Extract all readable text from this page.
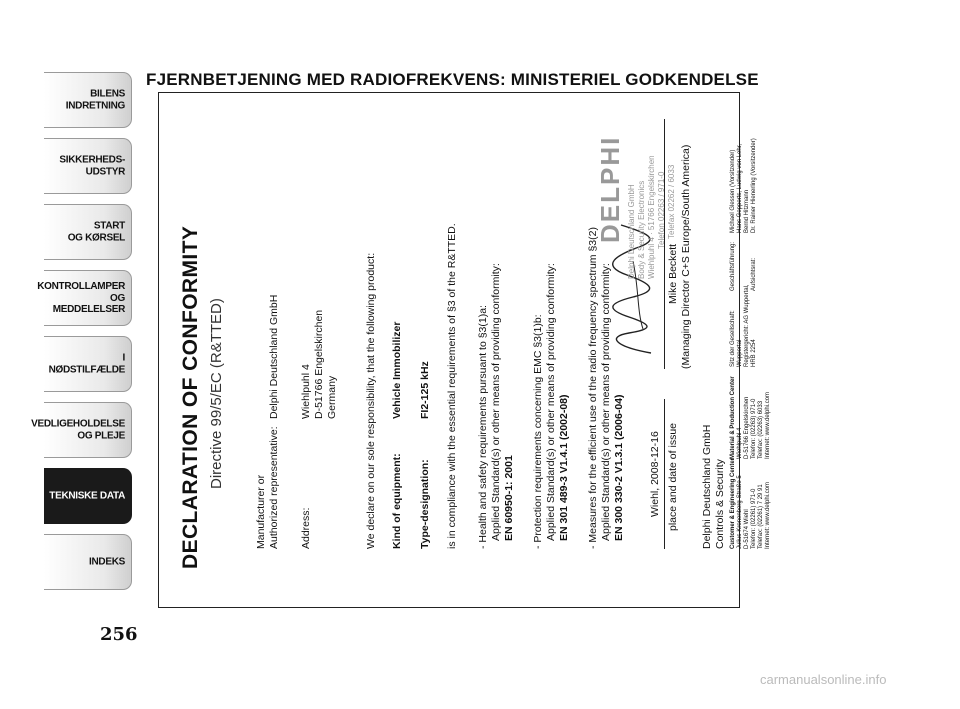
FJERNBETJENING MED RADIOFREKVENS: MINISTERIEL GODKENDELSE
BILENS
INDRETNING
SIKKERHEDS-
UDSTYR
START
OG KØRSEL
KONTROLLAMPER
OG MEDDELELSER
I NØDSTILFÆLDE
VEDLIGEHOLDELSE
OG PLEJE
TEKNISKE DATA
INDEKS
256
DECLARATION OF CONFORMITY Directive 99/5/EC (R&TTED)
Manufacturer or Authorized representative:
Delphi Deutschland GmbH
Address:
Wiehlpuhl 4 D-51766 Engelskirchen Germany	We declare on our sole responsibility, that the following product: Kind of equipment:
Vehicle Immobilizer
Type-designation:
FI2-125 kHz is in compliance with the essential requirements of §3 of the R&TTED. - Health and safety requirements pursuant to §3(1)a: Applied Standard(s) or other means of providing conformity: EN 60950-1: 2001 - Protection requirements concerning EMC §3(1)b: Applied Standard(s) or other means of providing conformity: EN 301 489-3 V1.4.1 (2002-08) - Measures for the efficient use of the radio frequency spectrum §3(2) Applied Standard(s) or other means of providing conformity: EN 300 330-2 V1.3.1 (2006-04) Wiehl, 2008-12-16 place and date of issue
Mike Beckett (Managing Director C+S Europe/South America)
Delphi Deutschland GmbH Body & Security Electronics Wiehlpuhl 4 · 51766 Engelskirchen Telefon 02263 / 971-0 Telefax 02262 / 6033
DELPHI
Delphi Deutschland GmbH Controls & Security Customer & Engineering Center Julius-Kronenberg-Straße 5 D-51674 Wiehl Telefon: (02261) 971-0 Telefax: (02261) 7 29 91 Internet: www.delphi.com
Material & Production Center Wiehlpuhl 4 D-51766 Engelskirchen Telefon: (02263) 971-0 Telefax: (02263) 6033 Internet: www.delphi.com
Sitz der Gesellschaft: Wuppertal Registergericht: AG Wuppertal, HRB 2254
Geschäftsführung:

	Aufsichtsrat:
Michael Glessen (Vorsitzender) Hans Gepperts, Ludwig von Lehr, Bernd Hitzmann Dr. Rainer Hienerling (Vorsitzender)
carmanualsonline.info
